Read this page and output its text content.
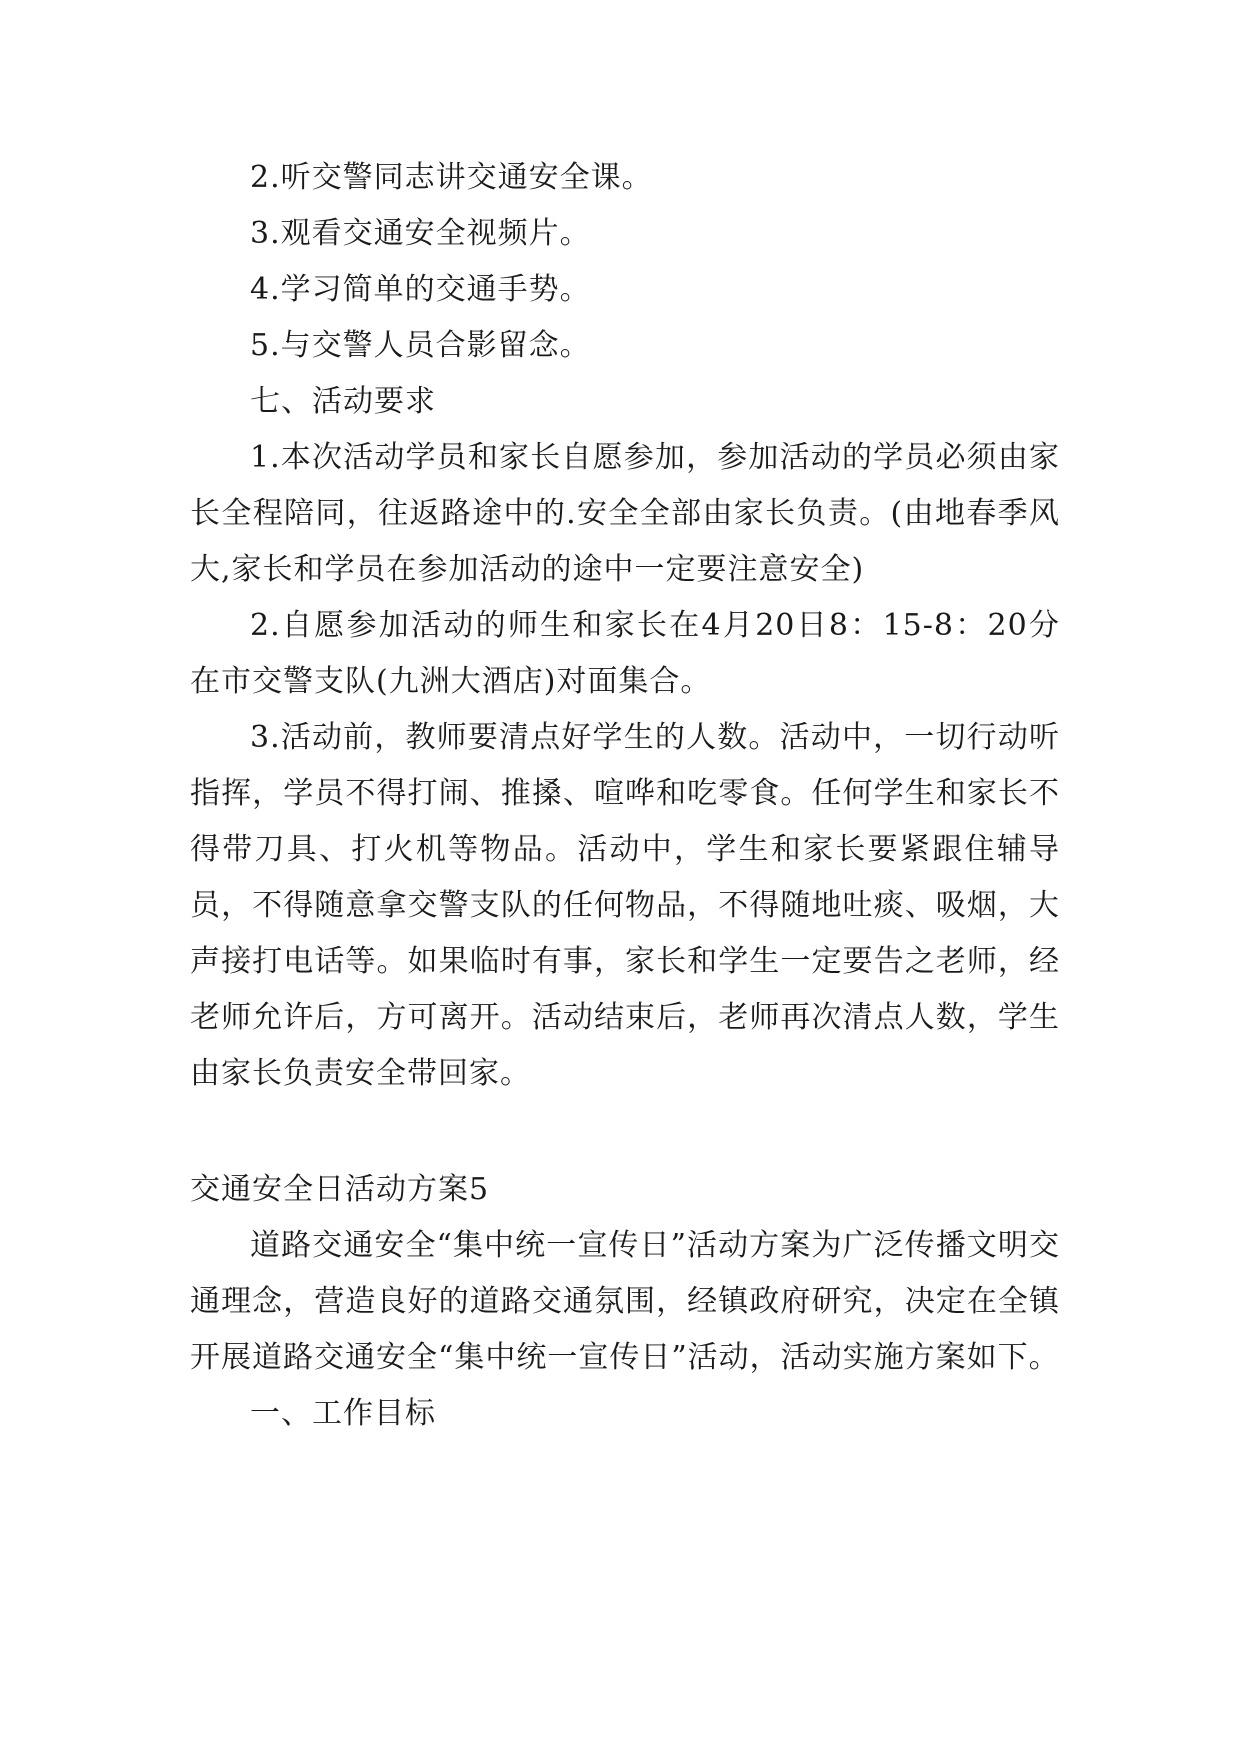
2.听交警同志讲交通安全课。

3.观看交通安全视频片。

4.学习简单的交通手势。

5.与交警人员合影留念。

七、活动要求

1.本次活动学员和家长自愿参加，参加活动的学员必须由家长全程陪同，往返路途中的.安全全部由家长负责。(由地春季风大,家长和学员在参加活动的途中一定要注意安全)

2.自愿参加活动的师生和家长在4月20日8：15-8：20分在市交警支队(九洲大酒店)对面集合。

3.活动前，教师要清点好学生的人数。活动中，一切行动听指挥，学员不得打闹、推搡、喧哗和吃零食。任何学生和家长不得带刀具、打火机等物品。活动中，学生和家长要紧跟住辅导员，不得随意拿交警支队的任何物品，不得随地吐痰、吸烟，大声接打电话等。如果临时有事，家长和学生一定要告之老师，经老师允许后，方可离开。活动结束后，老师再次清点人数，学生由家长负责安全带回家。

交通安全日活动方案5

道路交通安全“集中统一宣传日”活动方案为广泛传播文明交通理念，营造良好的道路交通氛围，经镇政府研究，决定在全镇开展道路交通安全“集中统一宣传日”活动，活动实施方案如下。

一、工作目标
